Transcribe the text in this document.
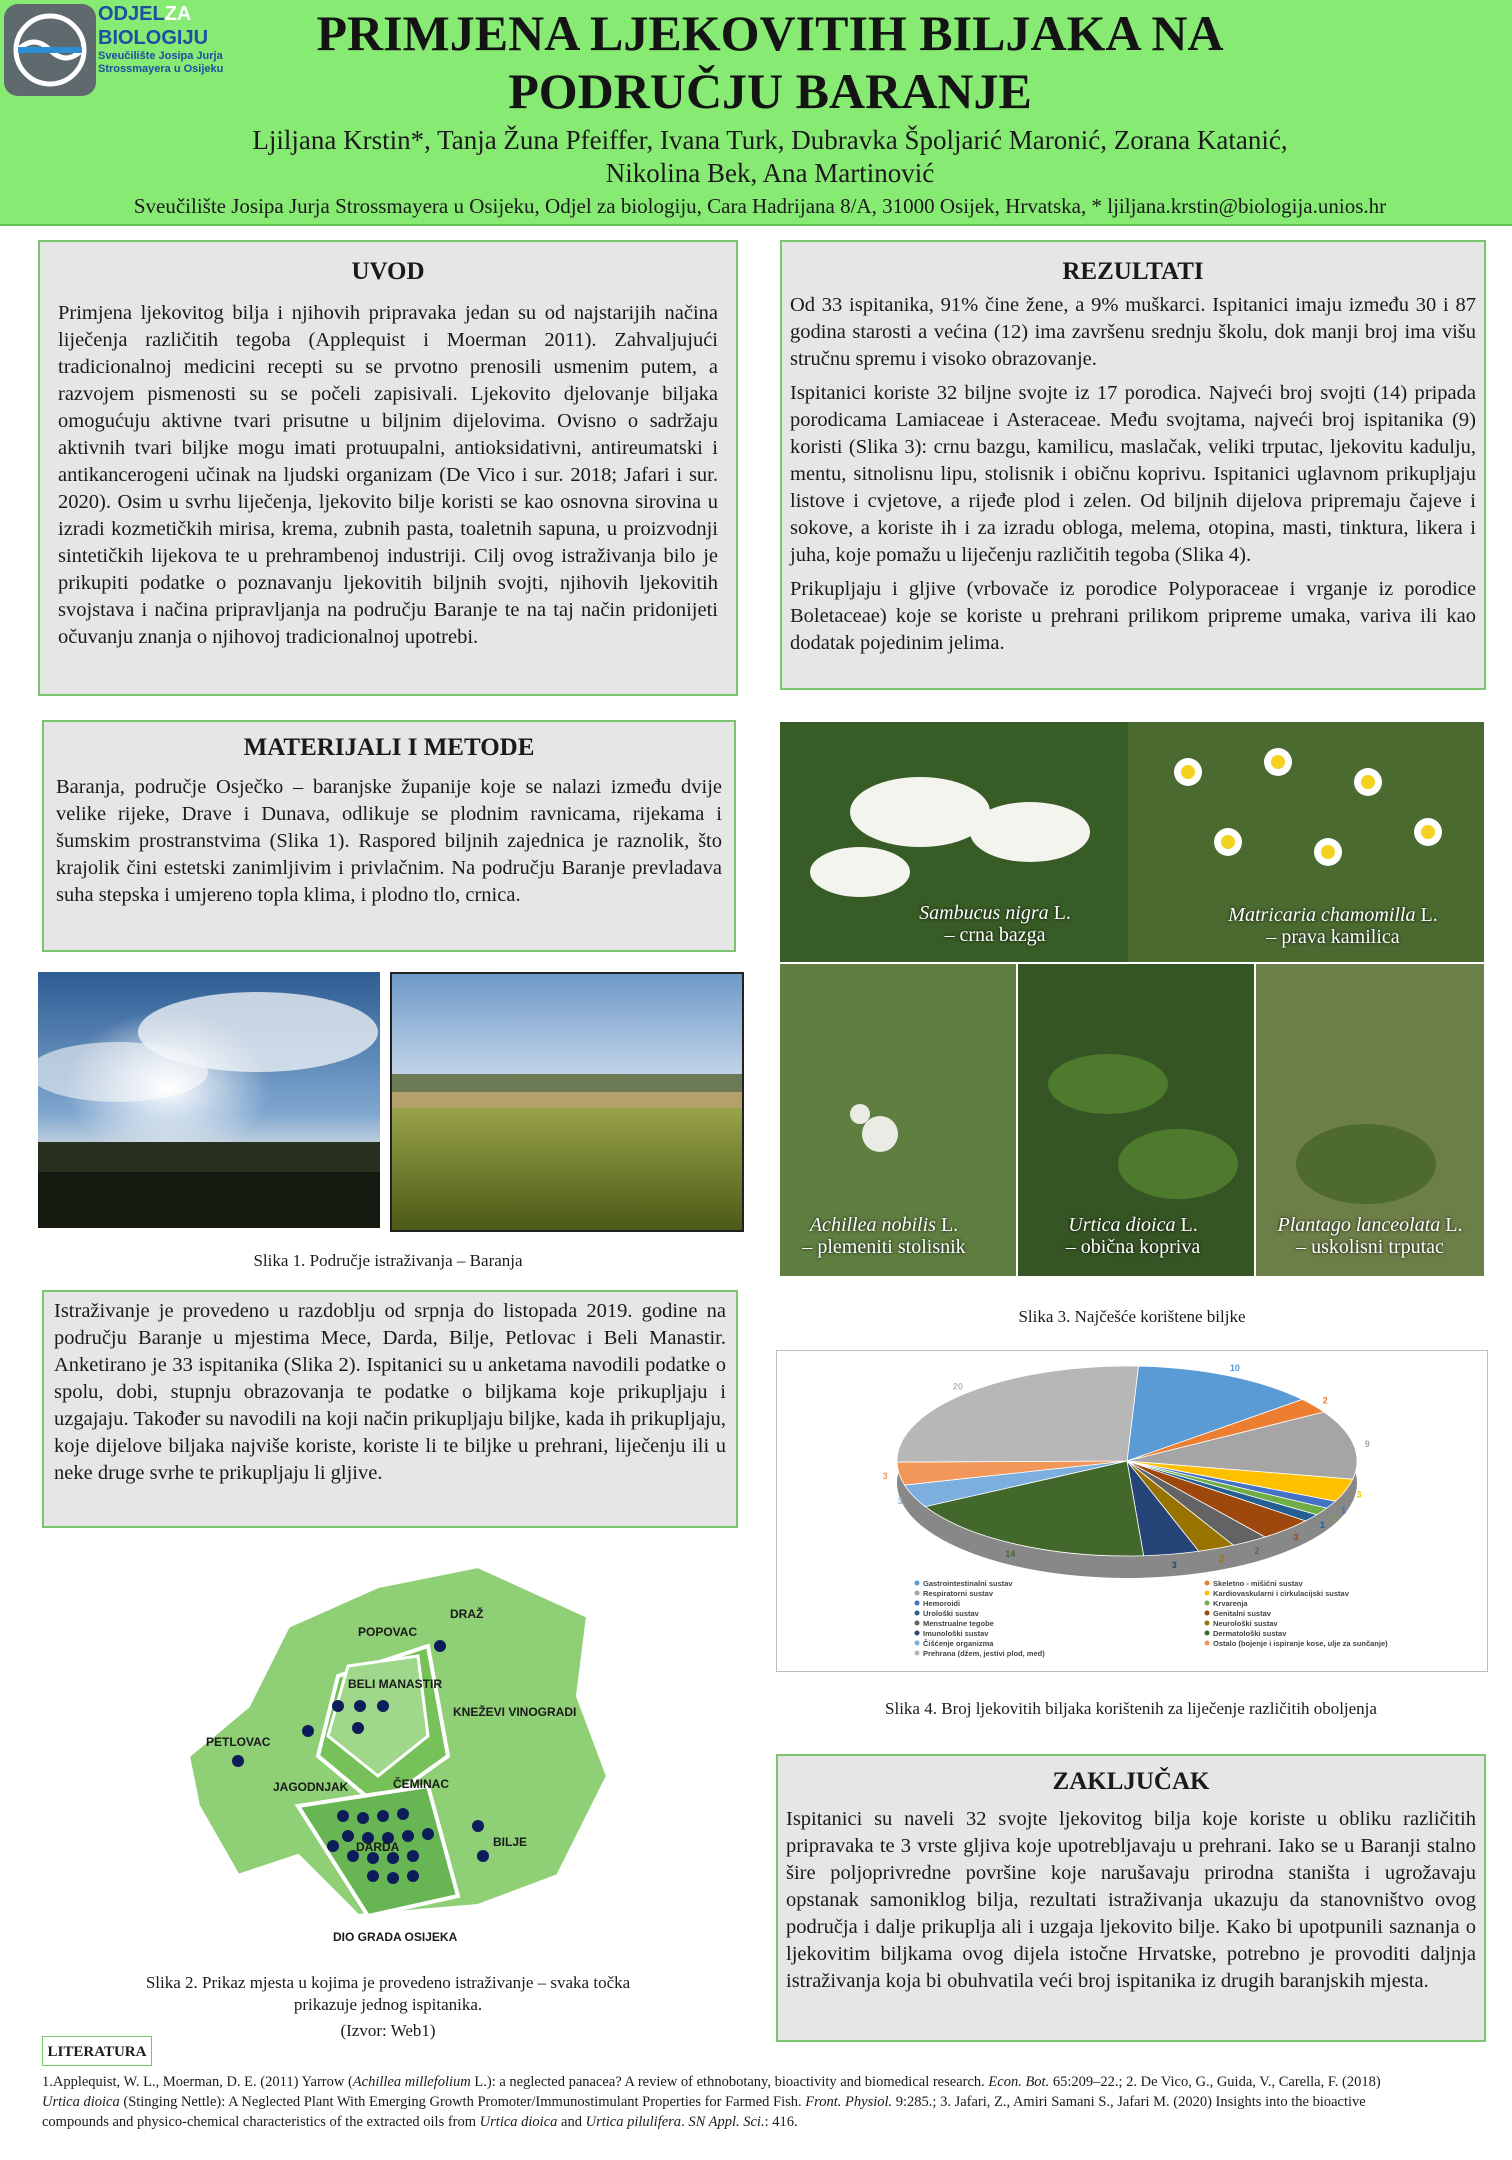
ODJELZA
BIOLOGIJU
Sveučilište Josipa Jurja
Strossmayera u Osijeku
PRIMJENA LJEKOVITIH BILJAKA NA
PODRUČJU BARANJE
Ljiljana Krstin*, Tanja Žuna Pfeiffer, Ivana Turk, Dubravka Špoljarić Maronić, Zorana Katanić,
Nikolina Bek, Ana Martinović
Sveučilište Josipa Jurja Strossmayera u Osijeku, Odjel za biologiju, Cara Hadrijana 8/A, 31000 Osijek, Hrvatska, * ljiljana.krstin@biologija.unios.hr
UVOD

Primjena ljekovitog bilja i njihovih pripravaka jedan su od najstarijih načina liječenja različitih tegoba (Applequist i Moerman 2011). Zahvaljujući tradicionalnoj medicini recepti su se prvotno prenosili usmenim putem, a razvojem pismenosti su se počeli zapisivali. Ljekovito djelovanje biljaka omogućuju aktivne tvari prisutne u biljnim dijelovima. Ovisno o sadržaju aktivnih tvari biljke mogu imati protuupalni, antioksidativni, antireumatski i antikancerogeni učinak na ljudski organizam (De Vico i sur. 2018; Jafari i sur. 2020). Osim u svrhu liječenja, ljekovito bilje koristi se kao osnovna sirovina u izradi kozmetičkih mirisa, krema, zubnih pasta, toaletnih sapuna, u proizvodnji sintetičkih lijekova te u prehrambenoj industriji. Cilj ovog istraživanja bilo je prikupiti podatke o poznavanju ljekovitih biljnih svojti, njihovih ljekovitih svojstava i načina pripravljanja na području Baranje te na taj način pridonijeti očuvanju znanja o njihovoj tradicionalnoj upotrebi.

REZULTATI

Od 33 ispitanika, 91% čine žene, a 9% muškarci. Ispitanici imaju između 30 i 87 godina starosti a većina (12) ima završenu srednju školu, dok manji broj ima višu stručnu spremu i visoko obrazovanje.

Ispitanici koriste 32 biljne svojte iz 17 porodica. Najveći broj svojti (14) pripada porodicama Lamiaceae i Asteraceae. Među svojtama, najveći broj ispitanika (9) koristi (Slika 3): crnu bazgu, kamilicu, maslačak, veliki trputac, ljekovitu kadulju, mentu, sitnolisnu lipu, stolisnik i običnu koprivu. Ispitanici uglavnom prikupljaju listove i cvjetove, a rijeđe plod i zelen. Od biljnih dijelova pripremaju čajeve i sokove, a koriste ih i za izradu obloga, melema, otopina, masti, tinktura, likera i juha, koje pomažu u liječenju različitih tegoba (Slika 4).

Prikupljaju i gljive (vrbovače iz porodice Polyporaceae i vrganje iz porodice Boletaceae) koje se koriste u prehrani prilikom pripreme umaka, variva ili kao dodatak pojedinim jelima.

MATERIJALI I METODE

Baranja, područje Osječko – baranjske županije koje se nalazi između dvije velike rijeke, Drave i Dunava, odlikuje se plodnim ravnicama, rijekama i šumskim prostranstvima (Slika 1). Raspored biljnih zajednica je raznolik, što krajolik čini estetski zanimljivim i privlačnim. Na području Baranje prevladava suha stepska i umjereno topla klima, i plodno tlo, crnica.

Slika 1. Područje istraživanja – Baranja

Istraživanje je provedeno u razdoblju od srpnja do listopada 2019. godine na području Baranje u mjestima Mece, Darda, Bilje, Petlovac i Beli Manastir. Anketirano je 33 ispitanika (Slika 2). Ispitanici su u anketama navodili podatke o spolu, dobi, stupnju obrazovanja te podatke o biljkama koje prikupljaju i uzgajaju. Također su navodili na koji način prikupljaju biljke, kada ih prikupljaju, koje dijelove biljaka najviše koriste, koriste li te biljke u prehrani, liječenju ili u neke druge svrhe te prikupljaju li gljive.

DRAŽ
POPOVAC
BELI MANASTIR
PETLOVAC
KNEŽEVI VINOGRADI
JAGODNJAK	ČEMINAC
DARDA	BILJE
DIO GRADA OSIJEKA
Slika 2. Prikaz mjesta u kojima je provedeno istraživanje – svaka točka
prikazuje jednog ispitanika.
(Izvor: Web1)
Sambucus nigra L.
– crna bazga
Matricaria chamomilla L.
– prava kamilica
Achillea nobilis L.
– plemeniti stolisnik
Urtica dioica L.
– obična kopriva
Plantago lanceolata L.
– uskolisni trputac
Slika 3. Najčešće korištene biljke
10
2
9
3
1
1
1
3
2
2
3
14
3
3
20
Gastrointestinalni sustav
Respiratorni sustav
Hemoroidi
Urološki sustav
Menstrualne tegobe
Imunološki sustav
Čišćenje organizma
Prehrana (džem, jestivi plod, med)
Skeletno - mišićni sustav
Kardiovaskularni i cirkulacijski sustav
Krvarenja
Genitalni sustav
Neurološki sustav
Dermatološki sustav
Ostalo (bojenje i ispiranje kose, ulje za sunčanje)
Slika 4. Broj ljekovitih biljaka korištenih za liječenje različitih oboljenja
ZAKLJUČAK

Ispitanici su naveli 32 svojte ljekovitog bilja koje koriste u obliku različitih pripravaka te 3 vrste gljiva koje upotrebljavaju u prehrani. Iako se u Baranji stalno šire poljoprivredne površine koje narušavaju prirodna staništa i ugrožavaju opstanak samoniklog bilja, rezultati istraživanja ukazuju da stanovništvo ovog područja i dalje prikuplja ali i uzgaja ljekovito bilje. Kako bi upotpunili saznanja o ljekovitim biljkama ovog dijela istočne Hrvatske, potrebno je provoditi daljnja istraživanja koja bi obuhvatila veći broj ispitanika iz drugih baranjskih mjesta.

LITERATURA
1.Applequist, W. L., Moerman, D. E. (2011) Yarrow (Achillea millefolium L.): a neglected panacea? A review of ethnobotany, bioactivity and biomedical research. Econ. Bot. 65:209–22.; 2. De Vico, G., Guida, V., Carella, F. (2018)
Urtica dioica (Stinging Nettle): A Neglected Plant With Emerging Growth Promoter/Immunostimulant Properties for Farmed Fish. Front. Physiol. 9:285.; 3. Jafari, Z., Amiri Samani S., Jafari M. (2020) Insights into the bioactive
compounds and physico-chemical characteristics of the extracted oils from Urtica dioica and Urtica pilulifera. SN Appl. Sci.: 416.
